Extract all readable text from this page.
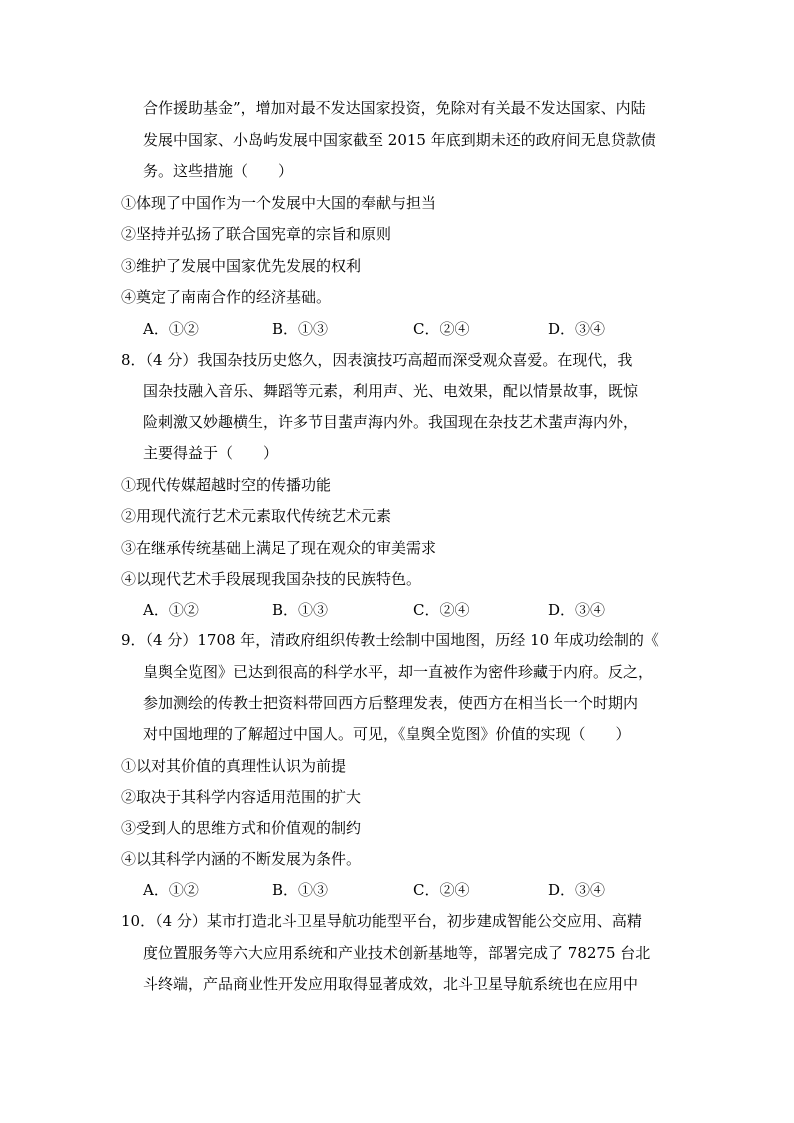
合作援助基金”，增加对最不发达国家投资，免除对有关最不发达国家、内陆
发展中国家、小岛屿发展中国家截至 2015 年底到期未还的政府间无息贷款债
务。这些措施（　　）
①体现了中国作为一个发展中大国的奉献与担当
②坚持并弘扬了联合国宪章的宗旨和原则
③维护了发展中国家优先发展的权利
④奠定了南南合作的经济基础。
A．①②	B．①③	C．②④	D．③④
8．（4 分）我国杂技历史悠久，因表演技巧高超而深受观众喜爱。在现代，我
国杂技融入音乐、舞蹈等元素，利用声、光、电效果，配以情景故事，既惊
险刺激又妙趣横生，许多节目蜚声海内外。我国现在杂技艺术蜚声海内外，
主要得益于（　　）
①现代传媒超越时空的传播功能
②用现代流行艺术元素取代传统艺术元素
③在继承传统基础上满足了现在观众的审美需求
④以现代艺术手段展现我国杂技的民族特色。
A．①②	B．①③	C．②④	D．③④
9．（4 分）1708 年，清政府组织传教士绘制中国地图，历经 10 年成功绘制的《
皇舆全览图》已达到很高的科学水平，却一直被作为密件珍藏于内府。反之，
参加测绘的传教士把资料带回西方后整理发表，使西方在相当长一个时期内
对中国地理的了解超过中国人。可见，《皇舆全览图》价值的实现（　　）
①以对其价值的真理性认识为前提
②取决于其科学内容适用范围的扩大
③受到人的思维方式和价值观的制约
④以其科学内涵的不断发展为条件。
A．①②	B．①③	C．②④	D．③④
10．（4 分）某市打造北斗卫星导航功能型平台，初步建成智能公交应用、高精
度位置服务等六大应用系统和产业技术创新基地等，部署完成了 78275 台北
斗终端，产品商业性开发应用取得显著成效，北斗卫星导航系统也在应用中
